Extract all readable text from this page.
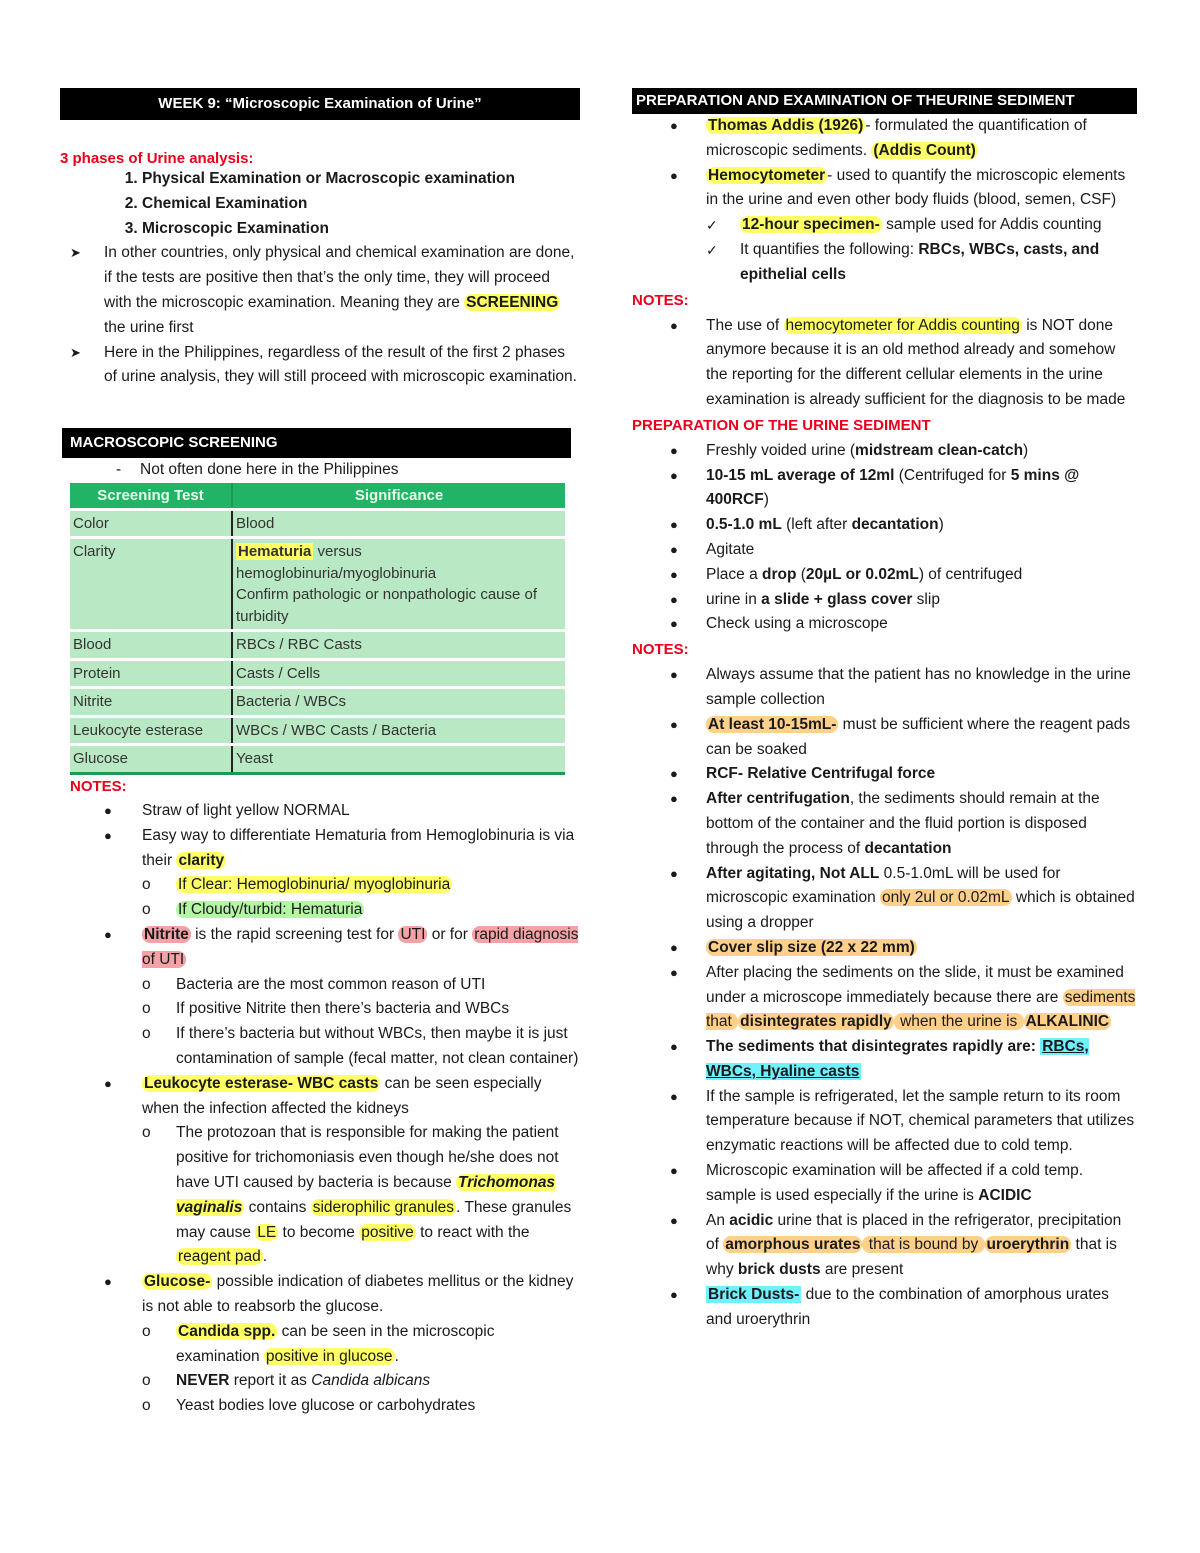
WEEK 9: “Microscopic Examination of Urine”
3 phases of Urine analysis:
1. Physical Examination or Macroscopic examination
2. Chemical Examination
3. Microscopic Examination
➤ In other countries, only physical and chemical examination are done, if the tests are positive then that’s the only time, they will proceed with the microscopic examination. Meaning they are SCREENING the urine first
➤ Here in the Philippines, regardless of the result of the first 2 phases of urine analysis, they will still proceed with microscopic examination.
MACROSCOPIC SCREENING
- Not often done here in the Philippines
Screening Test	Significance
Color	Blood
Clarity	Hematuria versus
hemoglobinuria/myoglobinuria
Confirm pathologic or nonpathologic cause of turbidity
Blood	RBCs / RBC Casts
Protein	Casts / Cells
Nitrite	Bacteria / WBCs
Leukocyte esterase	WBCs / WBC Casts / Bacteria
Glucose	Yeast
NOTES:
● Straw of light yellow NORMAL
● Easy way to differentiate Hematuria from Hemoglobinuria is via their clarity
o If Clear: Hemoglobinuria/ myoglobinuria
o If Cloudy/turbid: Hematuria
● Nitrite is the rapid screening test for UTI or for rapid diagnosis of UTI
o Bacteria are the most common reason of UTI
o If positive Nitrite then there’s bacteria and WBCs
o If there’s bacteria but without WBCs, then maybe it is just contamination of sample (fecal matter, not clean container)
● Leukocyte esterase- WBC casts can be seen especially when the infection affected the kidneys
o The protozoan that is responsible for making the patient positive for trichomoniasis even though he/she does not have UTI caused by bacteria is because Trichomonas vaginalis contains siderophilic granules . These granules may cause LE to become positive to react with the reagent pad .
● Glucose- possible indication of diabetes mellitus or the kidney is not able to reabsorb the glucose.
o Candida spp. can be seen in the microscopic examination positive in glucose .
o NEVER report it as Candida albicans
o Yeast bodies love glucose or carbohydrates
PREPARATION AND EXAMINATION OF THEURINE SEDIMENT
● Thomas Addis (1926) - formulated the quantification of microscopic sediments. (Addis Count)
● Hemocytometer - used to quantify the microscopic elements in the urine and even other body fluids (blood, semen, CSF)
✓ 12-hour specimen- sample used for Addis counting
✓ It quantifies the following: RBCs, WBCs, casts, and epithelial cells
NOTES:
● The use of hemocytometer for Addis counting is NOT done anymore because it is an old method already and somehow the reporting for the different cellular elements in the urine examination is already sufficient for the diagnosis to be made
PREPARATION OF THE URINE SEDIMENT
● Freshly voided urine (midstream clean-catch)
● 10-15 mL average of 12ml (Centrifuged for 5 mins @ 400RCF)
● 0.5-1.0 mL (left after decantation)
● Agitate
● Place a drop (20µL or 0.02mL) of centrifuged
● urine in a slide + glass cover slip
● Check using a microscope
NOTES:
● Always assume that the patient has no knowledge in the urine sample collection
● At least 10-15mL- must be sufficient where the reagent pads can be soaked
● RCF- Relative Centrifugal force
● After centrifugation, the sediments should remain at the bottom of the container and the fluid portion is disposed through the process of decantation
● After agitating, Not ALL 0.5-1.0mL will be used for microscopic examination only 2ul or 0.02mL which is obtained using a dropper
● Cover slip size (22 x 22 mm)
● After placing the sediments on the slide, it must be examined under a microscope immediately because there are sediments that disintegrates rapidly when the urine is ALKALINIC
● The sediments that disintegrates rapidly are: RBCs, WBCs, Hyaline casts
● If the sample is refrigerated, let the sample return to its room temperature because if NOT, chemical parameters that utilizes enzymatic reactions will be affected due to cold temp.
● Microscopic examination will be affected if a cold temp. sample is used especially if the urine is ACIDIC
● An acidic urine that is placed in the refrigerator, precipitation of amorphous urates that is bound by uroerythrin that is why brick dusts are present
● Brick Dusts- due to the combination of amorphous urates and uroerythrin
